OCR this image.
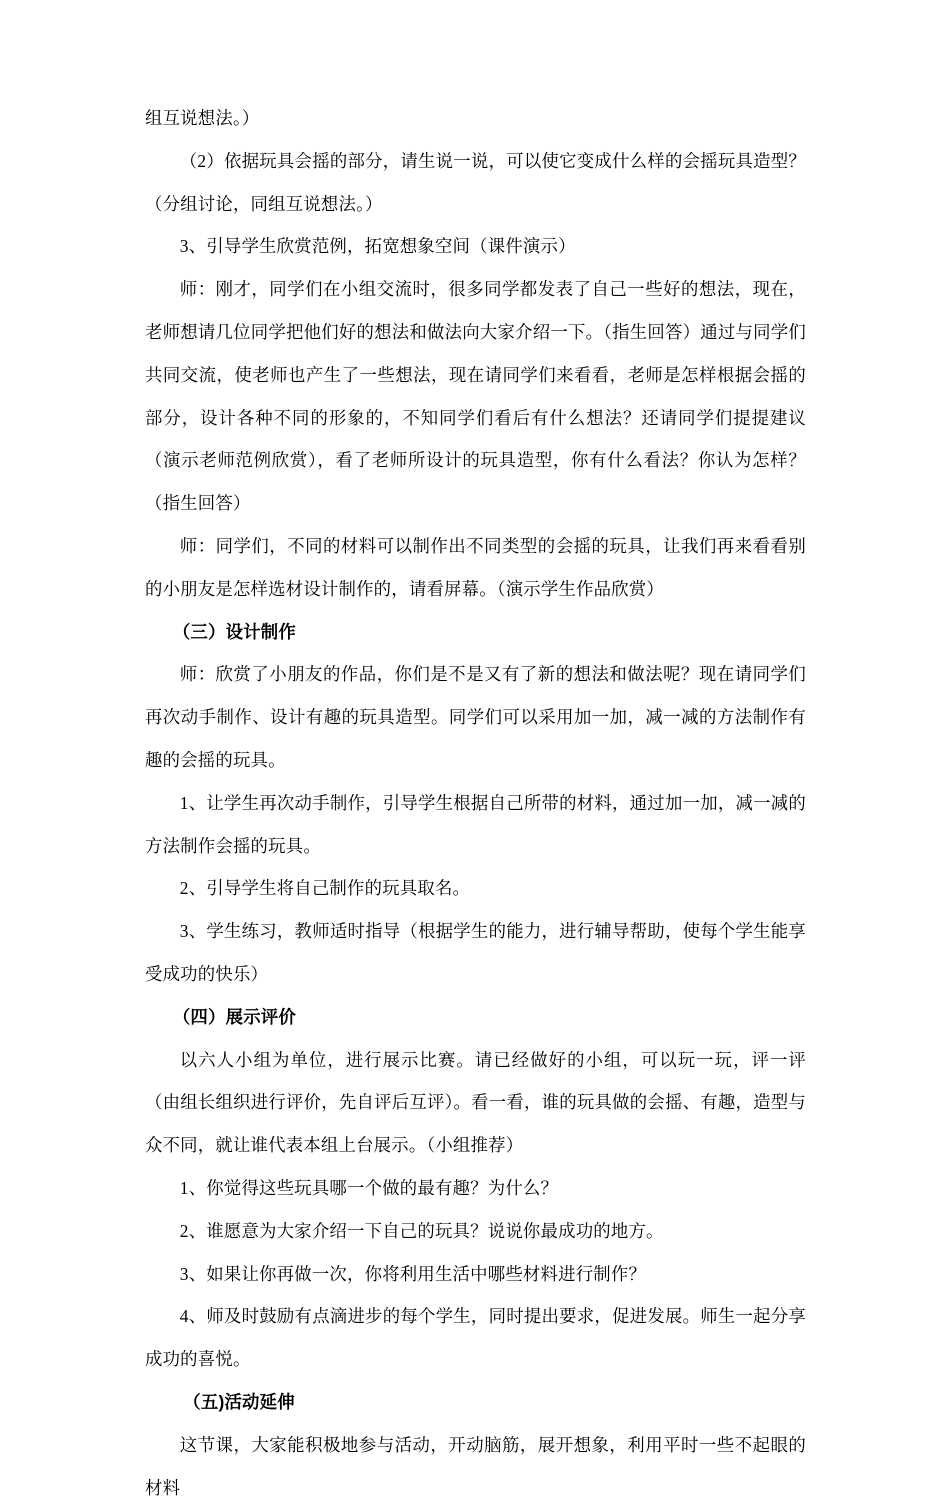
组互说想法。）

（2）依据玩具会摇的部分，请生说一说，可以使它变成什么样的会摇玩具造型？（分组讨论，同组互说想法。）

3、引导学生欣赏范例，拓宽想象空间（课件演示）

师：刚才，同学们在小组交流时，很多同学都发表了自己一些好的想法，现在，老师想请几位同学把他们好的想法和做法向大家介绍一下。（指生回答）通过与同学们共同交流，使老师也产生了一些想法，现在请同学们来看看，老师是怎样根据会摇的部分，设计各种不同的形象的，不知同学们看后有什么想法？还请同学们提提建议（演示老师范例欣赏），看了老师所设计的玩具造型，你有什么看法？你认为怎样？（指生回答）

师：同学们，不同的材料可以制作出不同类型的会摇的玩具，让我们再来看看别的小朋友是怎样选材设计制作的，请看屏幕。（演示学生作品欣赏）

（三）设计制作

师：欣赏了小朋友的作品，你们是不是又有了新的想法和做法呢？现在请同学们再次动手制作、设计有趣的玩具造型。同学们可以采用加一加，减一减的方法制作有趣的会摇的玩具。

1、让学生再次动手制作，引导学生根据自己所带的材料，通过加一加，减一减的方法制作会摇的玩具。

2、引导学生将自己制作的玩具取名。

3、学生练习，教师适时指导（根据学生的能力，进行辅导帮助，使每个学生能享受成功的快乐）

（四）展示评价

以六人小组为单位，进行展示比赛。请已经做好的小组，可以玩一玩，评一评（由组长组织进行评价，先自评后互评）。看一看，谁的玩具做的会摇、有趣，造型与众不同，就让谁代表本组上台展示。（小组推荐）

1、你觉得这些玩具哪一个做的最有趣？为什么？

2、谁愿意为大家介绍一下自己的玩具？说说你最成功的地方。

3、如果让你再做一次，你将利用生活中哪些材料进行制作？

4、师及时鼓励有点滴进步的每个学生，同时提出要求，促进发展。师生一起分享成功的喜悦。

（五)活动延伸

这节课，大家能积极地参与活动，开动脑筋，展开想象，利用平时一些不起眼的材料
